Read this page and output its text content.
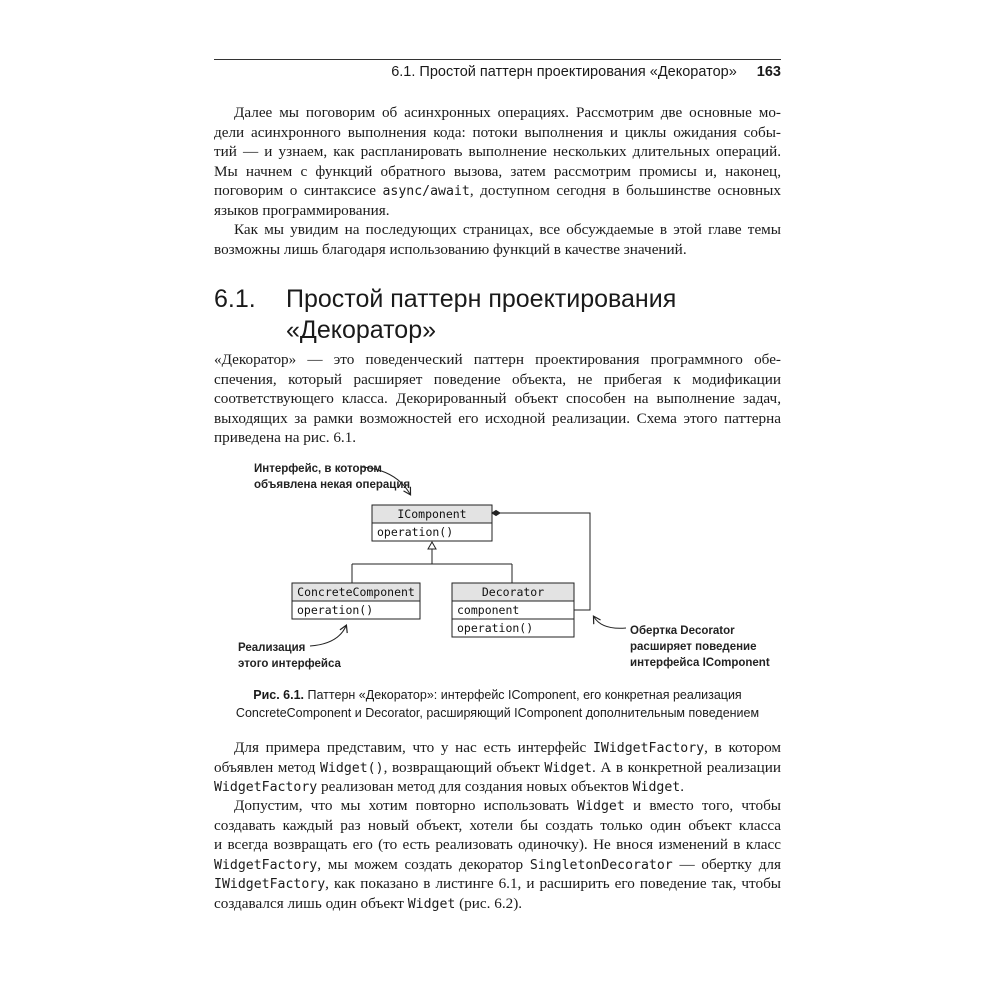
6.1. Простой паттерн проектирования «Декоратор» 163
Далее мы поговорим об асинхронных операциях. Рассмотрим две основные мо-
дели асинхронного выполнения кода: потоки выполнения и циклы ожидания собы-
тий — и узнаем, как распланировать выполнение нескольких длительных операций.
Мы начнем с функций обратного вызова, затем рассмотрим промисы и, наконец,
поговорим о синтаксисе async/await, доступном сегодня в большинстве основных
языков программирования.
Как мы увидим на последующих страницах, все обсуждаемые в этой главе темы
возможны лишь благодаря использованию функций в качестве значений.
6.1. Простой паттерн проектирования
«Декоратор»
«Декоратор» — это поведенческий паттерн проектирования программного обе-
спечения, который расширяет поведение объекта, не прибегая к модификации
соответствующего класса. Декорированный объект способен на выполнение задач,
выходящих за рамки возможностей его исходной реализации. Схема этого паттерна
приведена на рис. 6.1.
Интерфейс, в котором
объявлена некая операция
IComponent
operation()
ConcreteComponent
operation()
Decorator
component
operation()
Реализация
этого интерфейса
Обертка Decorator
расширяет поведение
интерфейса IComponent
Рис. 6.1. Паттерн «Декоратор»: интерфейс IComponent, его конкретная реализация
ConcreteComponent и Decorator, расширяющий IComponent дополнительным поведением
Для примера представим, что у нас есть интерфейс IWidgetFactory, в котором
объявлен метод Widget(), возвращающий объект Widget. А в конкретной реализации
WidgetFactory реализован метод для создания новых объектов Widget.
Допустим, что мы хотим повторно использовать Widget и вместо того, чтобы
создавать каждый раз новый объект, хотели бы создать только один объект класса
и всегда возвращать его (то есть реализовать одиночку). Не внося изменений в класс
WidgetFactory, мы можем создать декоратор SingletonDecorator — обертку для
IWidgetFactory, как показано в листинге 6.1, и расширить его поведение так, чтобы
создавался лишь один объект Widget (рис. 6.2).
